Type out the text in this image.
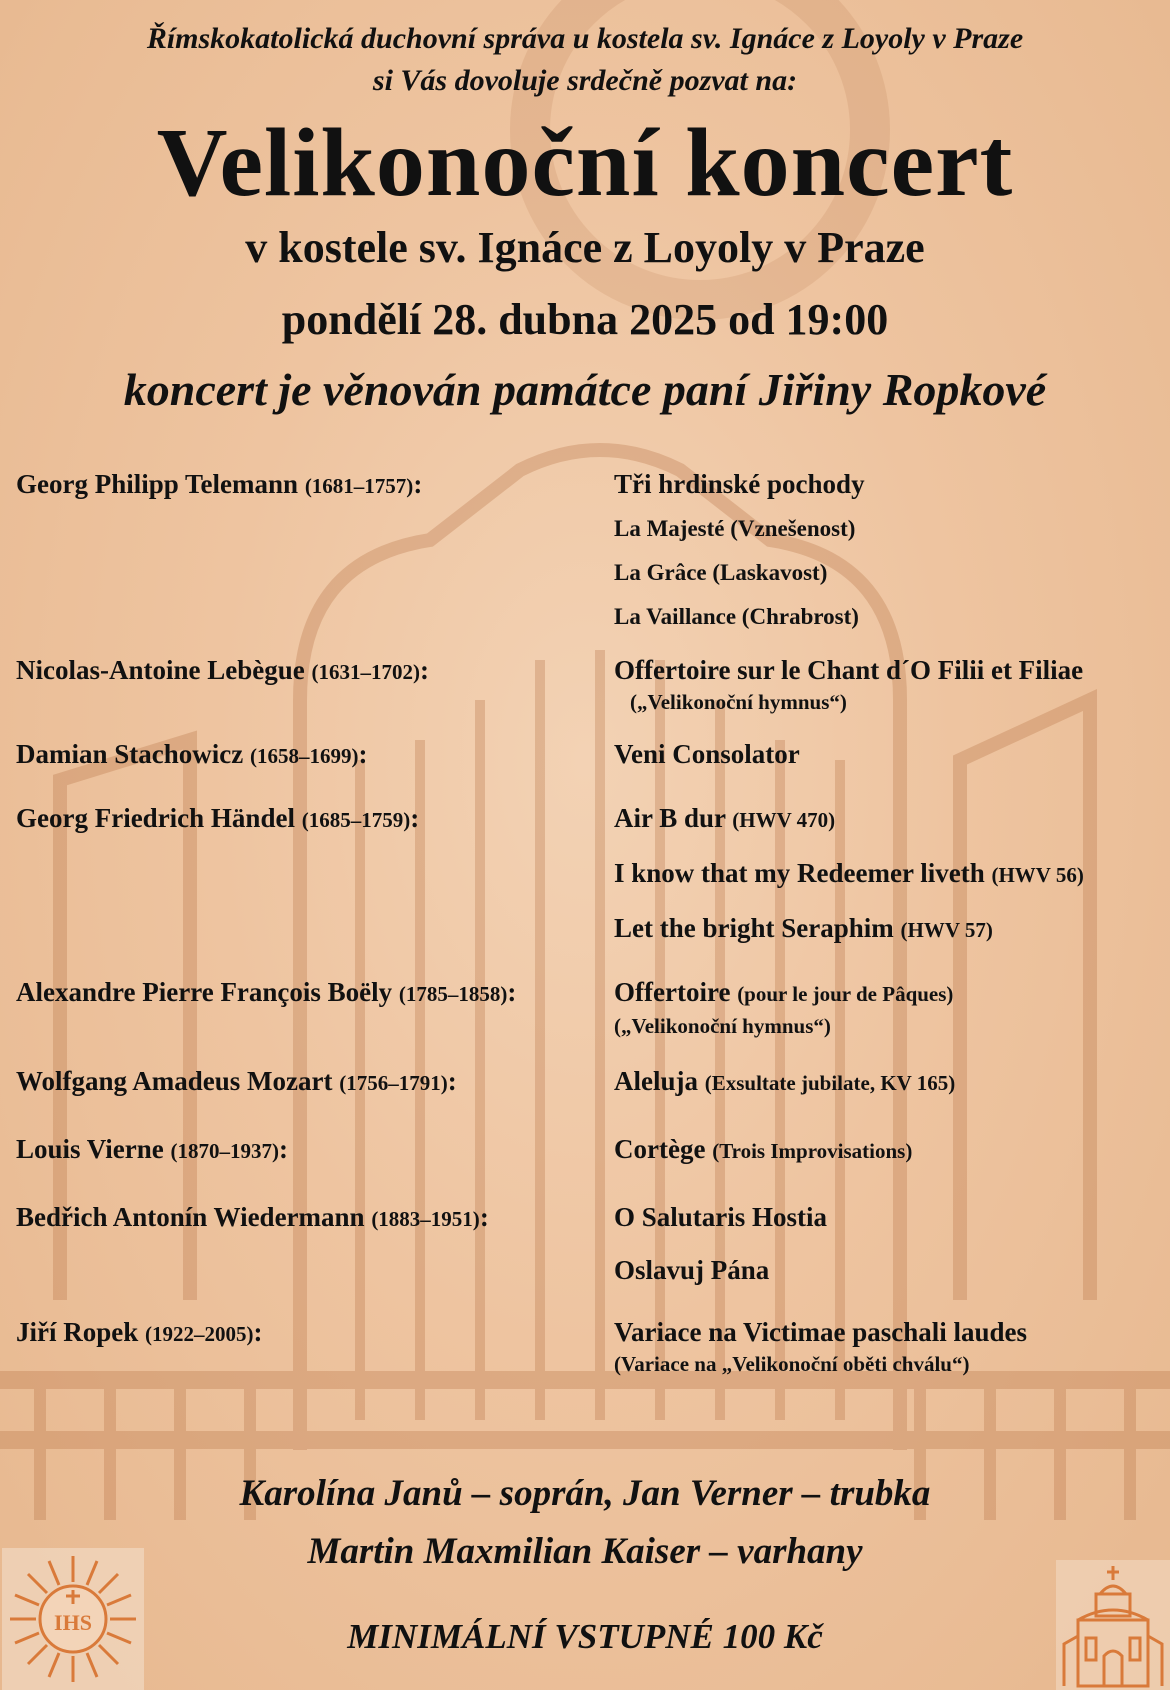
Římskokatolická duchovní správa u kostela sv. Ignáce z Loyoly v Praze
si Vás dovoluje srdečně pozvat na:
Velikonoční koncert
v kostele sv. Ignáce z Loyoly v Praze
pondělí 28. dubna 2025 od 19:00
koncert je věnován památce paní Jiřiny Ropkové
Georg Philipp Telemann (1681–1757):	Tři hrdinské pochody
La Majesté (Vznešenost)
La Grâce (Laskavost)
La Vaillance (Chrabrost)
Nicolas-Antoine Lebègue (1631–1702):	Offertoire sur le Chant d´O Filii et Filiae
(„Velikonoční hymnus“)
Damian Stachowicz (1658–1699):	Veni Consolator
Georg Friedrich Händel (1685–1759):	Air B dur (HWV 470)
I know that my Redeemer liveth (HWV 56)
Let the bright Seraphim (HWV 57)
Alexandre Pierre François Boëly (1785–1858):	Offertoire (pour le jour de Pâques)
(„Velikonoční hymnus“)
Wolfgang Amadeus Mozart (1756–1791):	Aleluja (Exsultate jubilate, KV 165)
Louis Vierne (1870–1937):	Cortège (Trois Improvisations)
Bedřich Antonín Wiedermann (1883–1951):	O Salutaris Hostia
Oslavuj Pána
Jiří Ropek (1922–2005):	Variace na Victimae paschali laudes
(Variace na „Velikonoční oběti chválu“)
Karolína Janů – soprán, Jan Verner – trubka
Martin Maxmilian Kaiser – varhany
MINIMÁLNÍ VSTUPNÉ 100 Kč
IHS
